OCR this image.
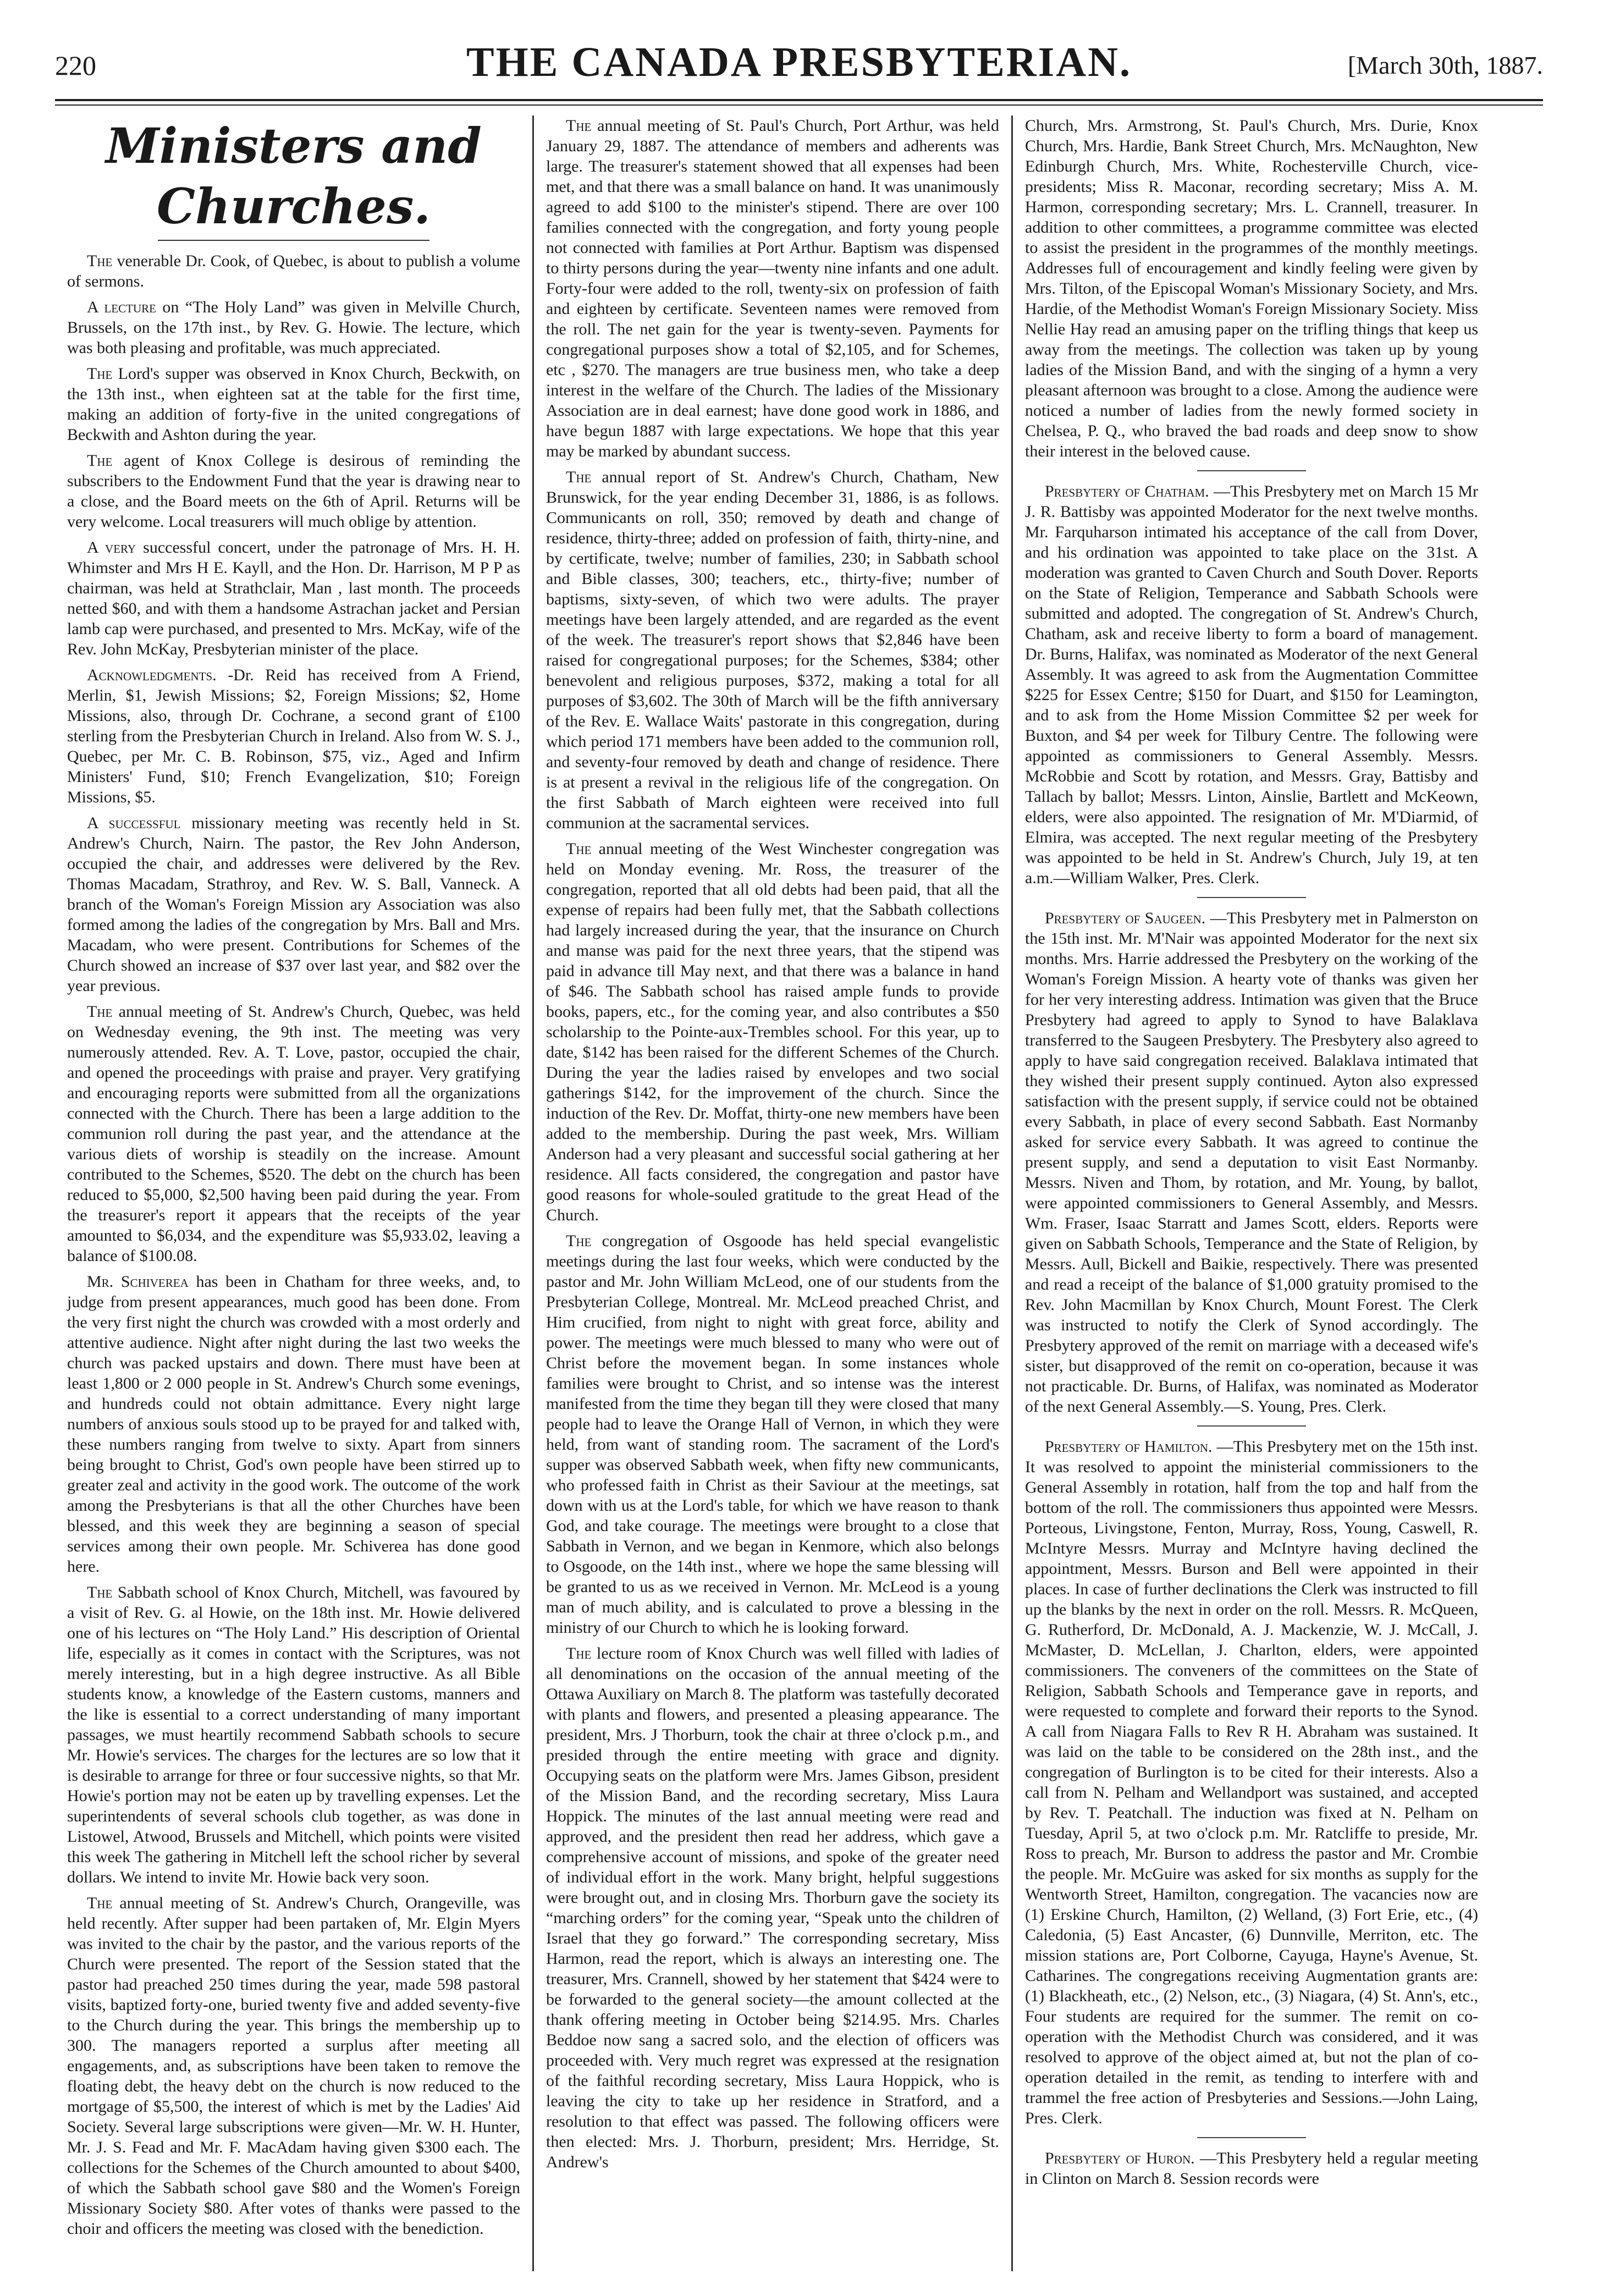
220	THE CANADA PRESBYTERIAN.	[March 30th, 1887.
Ministers and Churches.

The venerable Dr. Cook, of Quebec, is about to publish a volume of sermons.

A lecture on “The Holy Land” was given in Melville Church, Brussels, on the 17th inst., by Rev. G. Howie. The lecture, which was both pleasing and profitable, was much appreciated.

The Lord's supper was observed in Knox Church, Beckwith, on the 13th inst., when eighteen sat at the table for the first time, making an addition of forty-five in the united congregations of Beckwith and Ashton during the year.

The agent of Knox College is desirous of reminding the subscribers to the Endowment Fund that the year is drawing near to a close, and the Board meets on the 6th of April. Returns will be very welcome. Local treasurers will much oblige by attention.

A very successful concert, under the patronage of Mrs. H. H. Whimster and Mrs H E. Kayll, and the Hon. Dr. Harrison, M P P as chairman, was held at Strathclair, Man , last month. The proceeds netted $60, and with them a handsome Astrachan jacket and Persian lamb cap were purchased, and presented to Mrs. McKay, wife of the Rev. John McKay, Presbyterian minister of the place.

Acknowledgments. -Dr. Reid has received from A Friend, Merlin, $1, Jewish Missions; $2, Foreign Missions; $2, Home Missions, also, through Dr. Cochrane, a second grant of £100 sterling from the Presbyterian Church in Ireland. Also from W. S. J., Quebec, per Mr. C. B. Robinson, $75, viz., Aged and Infirm Ministers' Fund, $10; French Evangelization, $10; Foreign Missions, $5.

A successful missionary meeting was recently held in St. Andrew's Church, Nairn. The pastor, the Rev John Anderson, occupied the chair, and addresses were delivered by the Rev. Thomas Macadam, Strathroy, and Rev. W. S. Ball, Vanneck. A branch of the Woman's Foreign Mission ary Association was also formed among the ladies of the congregation by Mrs. Ball and Mrs. Macadam, who were present. Contributions for Schemes of the Church showed an increase of $37 over last year, and $82 over the year previous.

The annual meeting of St. Andrew's Church, Quebec, was held on Wednesday evening, the 9th inst. The meeting was very numerously attended. Rev. A. T. Love, pastor, occupied the chair, and opened the proceedings with praise and prayer. Very gratifying and encouraging reports were submitted from all the organizations connected with the Church. There has been a large addition to the communion roll during the past year, and the attendance at the various diets of worship is steadily on the increase. Amount contributed to the Schemes, $520. The debt on the church has been reduced to $5,000, $2,500 having been paid during the year. From the treasurer's report it appears that the receipts of the year amounted to $6,034, and the expenditure was $5,933.02, leaving a balance of $100.08.

Mr. Schiverea has been in Chatham for three weeks, and, to judge from present appearances, much good has been done. From the very first night the church was crowded with a most orderly and attentive audience. Night after night during the last two weeks the church was packed upstairs and down. There must have been at least 1,800 or 2 000 people in St. Andrew's Church some evenings, and hundreds could not obtain admittance. Every night large numbers of anxious souls stood up to be prayed for and talked with, these numbers ranging from twelve to sixty. Apart from sinners being brought to Christ, God's own people have been stirred up to greater zeal and activity in the good work. The outcome of the work among the Presbyterians is that all the other Churches have been blessed, and this week they are beginning a season of special services among their own people. Mr. Schiverea has done good here.

The Sabbath school of Knox Church, Mitchell, was favoured by a visit of Rev. G. al Howie, on the 18th inst. Mr. Howie delivered one of his lectures on “The Holy Land.” His description of Oriental life, especially as it comes in contact with the Scriptures, was not merely interesting, but in a high degree instructive. As all Bible students know, a knowledge of the Eastern customs, manners and the like is essential to a correct understanding of many important passages, we must heartily recommend Sabbath schools to secure Mr. Howie's services. The charges for the lectures are so low that it is desirable to arrange for three or four successive nights, so that Mr. Howie's portion may not be eaten up by travelling expenses. Let the superintendents of several schools club together, as was done in Listowel, Atwood, Brussels and Mitchell, which points were visited this week The gathering in Mitchell left the school richer by several dollars. We intend to invite Mr. Howie back very soon.

The annual meeting of St. Andrew's Church, Orangeville, was held recently. After supper had been partaken of, Mr. Elgin Myers was invited to the chair by the pastor, and the various reports of the Church were presented. The report of the Session stated that the pastor had preached 250 times during the year, made 598 pastoral visits, baptized forty-one, buried twenty five and added seventy-five to the Church during the year. This brings the membership up to 300. The managers reported a surplus after meeting all engagements, and, as subscriptions have been taken to remove the floating debt, the heavy debt on the church is now reduced to the mortgage of $5,500, the interest of which is met by the Ladies' Aid Society. Several large subscriptions were given—Mr. W. H. Hunter, Mr. J. S. Fead and Mr. F. MacAdam having given $300 each. The collections for the Schemes of the Church amounted to about $400, of which the Sabbath school gave $80 and the Women's Foreign Missionary Society $80. After votes of thanks were passed to the choir and officers the meeting was closed with the benediction.

The annual meeting of St. Paul's Church, Port Arthur, was held January 29, 1887. The attendance of members and adherents was large. The treasurer's statement showed that all expenses had been met, and that there was a small balance on hand. It was unanimously agreed to add $100 to the minister's stipend. There are over 100 families connected with the congregation, and forty young people not connected with families at Port Arthur. Baptism was dispensed to thirty persons during the year—twenty nine infants and one adult. Forty-four were added to the roll, twenty-six on profession of faith and eighteen by certificate. Seventeen names were removed from the roll. The net gain for the year is twenty-seven. Payments for congregational purposes show a total of $2,105, and for Schemes, etc , $270. The managers are true business men, who take a deep interest in the welfare of the Church. The ladies of the Missionary Association are in deal earnest; have done good work in 1886, and have begun 1887 with large expectations. We hope that this year may be marked by abundant success.

The annual report of St. Andrew's Church, Chatham, New Brunswick, for the year ending December 31, 1886, is as follows. Communicants on roll, 350; removed by death and change of residence, thirty-three; added on profession of faith, thirty-nine, and by certificate, twelve; number of families, 230; in Sabbath school and Bible classes, 300; teachers, etc., thirty-five; number of baptisms, sixty-seven, of which two were adults. The prayer meetings have been largely attended, and are regarded as the event of the week. The treasurer's report shows that $2,846 have been raised for congregational purposes; for the Schemes, $384; other benevolent and religious purposes, $372, making a total for all purposes of $3,602. The 30th of March will be the fifth anniversary of the Rev. E. Wallace Waits' pastorate in this congregation, during which period 171 members have been added to the communion roll, and seventy-four removed by death and change of residence. There is at present a revival in the religious life of the congregation. On the first Sabbath of March eighteen were received into full communion at the sacramental services.

The annual meeting of the West Winchester congregation was held on Monday evening. Mr. Ross, the treasurer of the congregation, reported that all old debts had been paid, that all the expense of repairs had been fully met, that the Sabbath collections had largely increased during the year, that the insurance on Church and manse was paid for the next three years, that the stipend was paid in advance till May next, and that there was a balance in hand of $46. The Sabbath school has raised ample funds to provide books, papers, etc., for the coming year, and also contributes a $50 scholarship to the Pointe-aux-Trembles school. For this year, up to date, $142 has been raised for the different Schemes of the Church. During the year the ladies raised by envelopes and two social gatherings $142, for the improvement of the church. Since the induction of the Rev. Dr. Moffat, thirty-one new members have been added to the membership. During the past week, Mrs. William Anderson had a very pleasant and successful social gathering at her residence. All facts considered, the congregation and pastor have good reasons for whole-souled gratitude to the great Head of the Church.

The congregation of Osgoode has held special evangelistic meetings during the last four weeks, which were conducted by the pastor and Mr. John William McLeod, one of our students from the Presbyterian College, Montreal. Mr. McLeod preached Christ, and Him crucified, from night to night with great force, ability and power. The meetings were much blessed to many who were out of Christ before the movement began. In some instances whole families were brought to Christ, and so intense was the interest manifested from the time they began till they were closed that many people had to leave the Orange Hall of Vernon, in which they were held, from want of standing room. The sacrament of the Lord's supper was observed Sabbath week, when fifty new communicants, who professed faith in Christ as their Saviour at the meetings, sat down with us at the Lord's table, for which we have reason to thank God, and take courage. The meetings were brought to a close that Sabbath in Vernon, and we began in Kenmore, which also belongs to Osgoode, on the 14th inst., where we hope the same blessing will be granted to us as we received in Vernon. Mr. McLeod is a young man of much ability, and is calculated to prove a blessing in the ministry of our Church to which he is looking forward.

The lecture room of Knox Church was well filled with ladies of all denominations on the occasion of the annual meeting of the Ottawa Auxiliary on March 8. The platform was tastefully decorated with plants and flowers, and presented a pleasing appearance. The president, Mrs. J Thorburn, took the chair at three o'clock p.m., and presided through the entire meeting with grace and dignity. Occupying seats on the platform were Mrs. James Gibson, president of the Mission Band, and the recording secretary, Miss Laura Hoppick. The minutes of the last annual meeting were read and approved, and the president then read her address, which gave a comprehensive account of missions, and spoke of the greater need of individual effort in the work. Many bright, helpful suggestions were brought out, and in closing Mrs. Thorburn gave the society its “marching orders” for the coming year, “Speak unto the children of Israel that they go forward.” The corresponding secretary, Miss Harmon, read the report, which is always an interesting one. The treasurer, Mrs. Crannell, showed by her statement that $424 were to be forwarded to the general society—the amount collected at the thank offering meeting in October being $214.95. Mrs. Charles Beddoe now sang a sacred solo, and the election of officers was proceeded with. Very much regret was expressed at the resignation of the faithful recording secretary, Miss Laura Hoppick, who is leaving the city to take up her residence in Stratford, and a resolution to that effect was passed. The following officers were then elected: Mrs. J. Thorburn, president; Mrs. Herridge, St. Andrew's

Church, Mrs. Armstrong, St. Paul's Church, Mrs. Durie, Knox Church, Mrs. Hardie, Bank Street Church, Mrs. McNaughton, New Edinburgh Church, Mrs. White, Rochesterville Church, vice-presidents; Miss R. Maconar, recording secretary; Miss A. M. Harmon, corresponding secretary; Mrs. L. Crannell, treasurer. In addition to other committees, a programme committee was elected to assist the president in the programmes of the monthly meetings. Addresses full of encouragement and kindly feeling were given by Mrs. Tilton, of the Episcopal Woman's Missionary Society, and Mrs. Hardie, of the Methodist Woman's Foreign Missionary Society. Miss Nellie Hay read an amusing paper on the trifling things that keep us away from the meetings. The collection was taken up by young ladies of the Mission Band, and with the singing of a hymn a very pleasant afternoon was brought to a close. Among the audience were noticed a number of ladies from the newly formed society in Chelsea, P. Q., who braved the bad roads and deep snow to show their interest in the beloved cause.

Presbytery of Chatham. —This Presbytery met on March 15 Mr J. R. Battisby was appointed Moderator for the next twelve months. Mr. Farquharson intimated his acceptance of the call from Dover, and his ordination was appointed to take place on the 31st. A moderation was granted to Caven Church and South Dover. Reports on the State of Religion, Temperance and Sabbath Schools were submitted and adopted. The congregation of St. Andrew's Church, Chatham, ask and receive liberty to form a board of management. Dr. Burns, Halifax, was nominated as Moderator of the next General Assembly. It was agreed to ask from the Augmentation Committee $225 for Essex Centre; $150 for Duart, and $150 for Leamington, and to ask from the Home Mission Committee $2 per week for Buxton, and $4 per week for Tilbury Centre. The following were appointed as commissioners to General Assembly. Messrs. McRobbie and Scott by rotation, and Messrs. Gray, Battisby and Tallach by ballot; Messrs. Linton, Ainslie, Bartlett and McKeown, elders, were also appointed. The resignation of Mr. M'Diarmid, of Elmira, was accepted. The next regular meeting of the Presbytery was appointed to be held in St. Andrew's Church, July 19, at ten a.m.—William Walker, Pres. Clerk.

Presbytery of Saugeen. —This Presbytery met in Palmerston on the 15th inst. Mr. M'Nair was appointed Moderator for the next six months. Mrs. Harrie addressed the Presbytery on the working of the Woman's Foreign Mission. A hearty vote of thanks was given her for her very interesting address. Intimation was given that the Bruce Presbytery had agreed to apply to Synod to have Balaklava transferred to the Saugeen Presbytery. The Presbytery also agreed to apply to have said congregation received. Balaklava intimated that they wished their present supply continued. Ayton also expressed satisfaction with the present supply, if service could not be obtained every Sabbath, in place of every second Sabbath. East Normanby asked for service every Sabbath. It was agreed to continue the present supply, and send a deputation to visit East Normanby. Messrs. Niven and Thom, by rotation, and Mr. Young, by ballot, were appointed commissioners to General Assembly, and Messrs. Wm. Fraser, Isaac Starratt and James Scott, elders. Reports were given on Sabbath Schools, Temperance and the State of Religion, by Messrs. Aull, Bickell and Baikie, respectively. There was presented and read a receipt of the balance of $1,000 gratuity promised to the Rev. John Macmillan by Knox Church, Mount Forest. The Clerk was instructed to notify the Clerk of Synod accordingly. The Presbytery approved of the remit on marriage with a deceased wife's sister, but disapproved of the remit on co-operation, because it was not practicable. Dr. Burns, of Halifax, was nominated as Moderator of the next General Assembly.—S. Young, Pres. Clerk.

Presbytery of Hamilton. —This Presbytery met on the 15th inst. It was resolved to appoint the ministerial commissioners to the General Assembly in rotation, half from the top and half from the bottom of the roll. The commissioners thus appointed were Messrs. Porteous, Livingstone, Fenton, Murray, Ross, Young, Caswell, R. McIntyre Messrs. Murray and McIntyre having declined the appointment, Messrs. Burson and Bell were appointed in their places. In case of further declinations the Clerk was instructed to fill up the blanks by the next in order on the roll. Messrs. R. McQueen, G. Rutherford, Dr. McDonald, A. J. Mackenzie, W. J. McCall, J. McMaster, D. McLellan, J. Charlton, elders, were appointed commissioners. The conveners of the committees on the State of Religion, Sabbath Schools and Temperance gave in reports, and were requested to complete and forward their reports to the Synod. A call from Niagara Falls to Rev R H. Abraham was sustained. It was laid on the table to be considered on the 28th inst., and the congregation of Burlington is to be cited for their interests. Also a call from N. Pelham and Wellandport was sustained, and accepted by Rev. T. Peatchall. The induction was fixed at N. Pelham on Tuesday, April 5, at two o'clock p.m. Mr. Ratcliffe to preside, Mr. Ross to preach, Mr. Burson to address the pastor and Mr. Crombie the people. Mr. McGuire was asked for six months as supply for the Wentworth Street, Hamilton, congregation. The vacancies now are (1) Erskine Church, Hamilton, (2) Welland, (3) Fort Erie, etc., (4) Caledonia, (5) East Ancaster, (6) Dunnville, Merriton, etc. The mission stations are, Port Colborne, Cayuga, Hayne's Avenue, St. Catharines. The congregations receiving Augmentation grants are: (1) Blackheath, etc., (2) Nelson, etc., (3) Niagara, (4) St. Ann's, etc., Four students are required for the summer. The remit on co-operation with the Methodist Church was considered, and it was resolved to approve of the object aimed at, but not the plan of co-operation detailed in the remit, as tending to interfere with and trammel the free action of Presbyteries and Sessions.—John Laing, Pres. Clerk.

Presbytery of Huron. —This Presbytery held a regular meeting in Clinton on March 8. Session records were
